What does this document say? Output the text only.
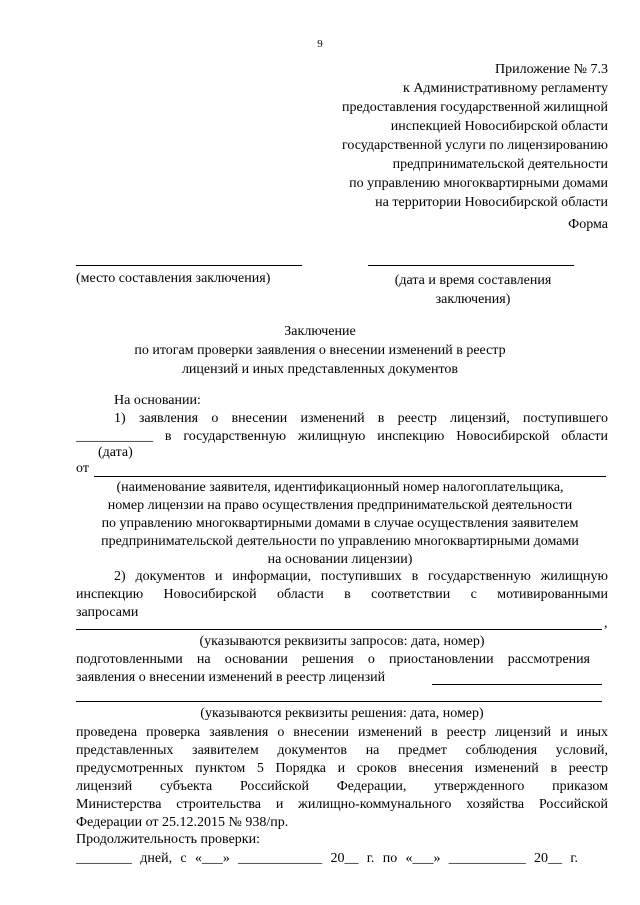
9
Приложение № 7.3
к Административному регламенту
предоставления государственной жилищной
инспекцией Новосибирской области
государственной услуги по лицензированию
предпринимательской деятельности
по управлению многоквартирными домами
на территории Новосибирской области
Форма
(место составления заключения)	(дата и время составления
заключения)
Заключение
по итогам проверки заявления о внесении изменений в реестр
лицензий и иных представленных документов
На основании:
1) заявления о внесении изменений в реестр лицензий, поступившего
___________ в государственную жилищную инспекцию Новосибирской области
(дата)
от
(наименование заявителя, идентификационный номер налогоплательщика,
номер лицензии на право осуществления предпринимательской деятельности
по управлению многоквартирными домами в случае осуществления заявителем
предпринимательской деятельности по управлению многоквартирными домами
на основании лицензии)
2) документов и информации, поступивших в государственную жилищную
инспекцию Новосибирской области в соответствии с мотивированными
запросами
,
(указываются реквизиты запросов: дата, номер)
подготовленными на основании решения о приостановлении рассмотрения
заявления о внесении изменений в реестр лицензий
(указываются реквизиты решения: дата, номер)
проведена проверка заявления о внесении изменений в реестр лицензий и иных
представленных заявителем документов на предмет соблюдения условий,
предусмотренных пунктом 5 Порядка и сроков внесения изменений в реестр
лицензий субъекта Российской Федерации, утвержденного приказом
Министерства строительства и жилищно-коммунального хозяйства Российской
Федерации от 25.12.2015 № 938/пр.
Продолжительность проверки:
________ дней, с «___» ____________ 20__ г. по «___» ___________ 20__ г.
